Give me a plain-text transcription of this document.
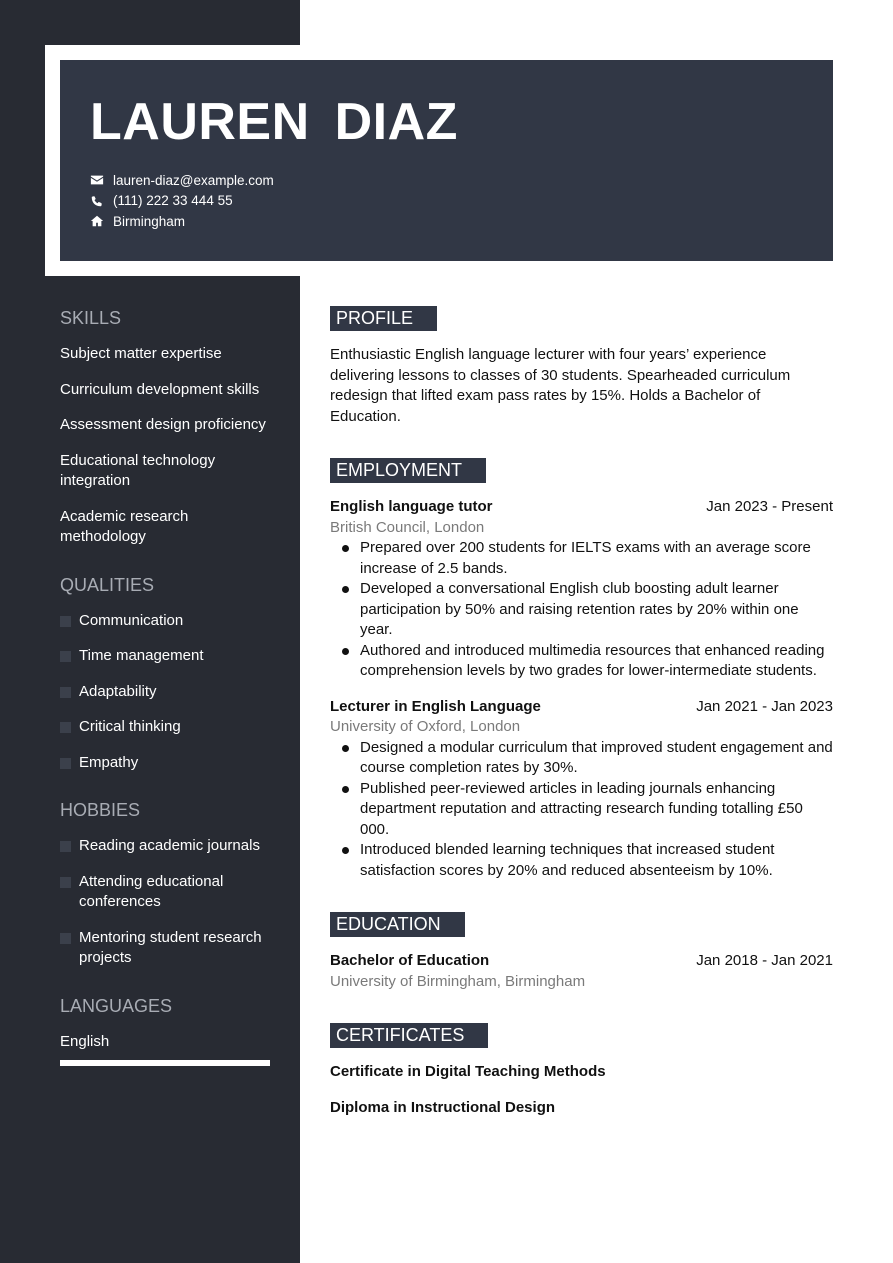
LAUREN DIAZ
lauren-diaz@example.com
(111) 222 33 444 55
Birmingham
SKILLS
Subject matter expertise
Curriculum development skills
Assessment design proficiency
Educational technology integration
Academic research methodology
QUALITIES
Communication
Time management
Adaptability
Critical thinking
Empathy
HOBBIES
Reading academic journals
Attending educational conferences
Mentoring student research projects
LANGUAGES
English
PROFILE

Enthusiastic English language lecturer with four years’ experience delivering lessons to classes of 30 students. Spearheaded curriculum redesign that lifted exam pass rates by 15%. Holds a Bachelor of Education.

EMPLOYMENT
English language tutor	Jan 2023 - Present
British Council, London
Prepared over 200 students for IELTS exams with an average score increase of 2.5 bands.
Developed a conversational English club boosting adult learner participation by 50% and raising retention rates by 20% within one year.
Authored and introduced multimedia resources that enhanced reading comprehension levels by two grades for lower-intermediate students.
Lecturer in English Language	Jan 2021 - Jan 2023
University of Oxford, London
Designed a modular curriculum that improved student engagement and course completion rates by 30%.
Published peer-reviewed articles in leading journals enhancing department reputation and attracting research funding totalling £50 000.
Introduced blended learning techniques that increased student satisfaction scores by 20% and reduced absenteeism by 10%.
EDUCATION
Bachelor of Education	Jan 2018 - Jan 2021
University of Birmingham, Birmingham
CERTIFICATES
Certificate in Digital Teaching Methods
Diploma in Instructional Design
